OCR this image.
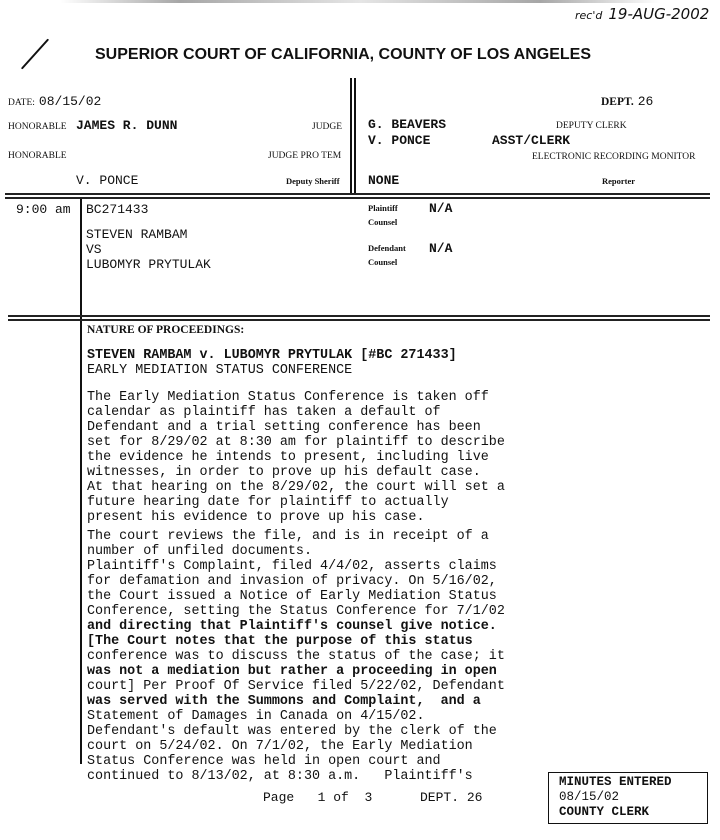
rec'd 19-AUG-2002
SUPERIOR COURT OF CALIFORNIA, COUNTY OF LOS ANGELES
DATE: 08/15/02	DEPT. 26
HONORABLE JAMES R. DUNN	JUDGE G. BEAVERS	DEPUTY CLERK
V. PONCE	ASST/CLERK
HONORABLE	JUDGE PRO TEM	ELECTRONIC RECORDING MONITOR
V. PONCE	Deputy Sheriff NONE	Reporter
9:00 am BC271433
STEVEN RAMBAM
VS
LUBOMYR PRYTULAK
Plaintiff
Counsel
N/A
Defendant
Counsel
N/A
NATURE OF PROCEEDINGS:
STEVEN RAMBAM v. LUBOMYR PRYTULAK [#BC 271433]
EARLY MEDIATION STATUS CONFERENCE
The Early Mediation Status Conference is taken off
calendar as plaintiff has taken a default of
Defendant and a trial setting conference has been
set for 8/29/02 at 8:30 am for plaintiff to describe
the evidence he intends to present, including live
witnesses, in order to prove up his default case.
At that hearing on the 8/29/02, the court will set a
future hearing date for plaintiff to actually
present his evidence to prove up his case.
The court reviews the file, and is in receipt of a
number of unfiled documents.
Plaintiff's Complaint, filed 4/4/02, asserts claims
for defamation and invasion of privacy. On 5/16/02,
the Court issued a Notice of Early Mediation Status
Conference, setting the Status Conference for 7/1/02
and directing that Plaintiff's counsel give notice.
[The Court notes that the purpose of this status
conference was to discuss the status of the case; it
was not a mediation but rather a proceeding in open
court] Per Proof Of Service filed 5/22/02, Defendant
was served with the Summons and Complaint,  and a
Statement of Damages in Canada on 4/15/02.
Defendant's default was entered by the clerk of the
court on 5/24/02. On 7/1/02, the Early Mediation
Status Conference was held in open court and
continued to 8/13/02, at 8:30 a.m.   Plaintiff's
Page 1 of 3	DEPT. 26
MINUTES ENTERED
08/15/02
COUNTY CLERK
